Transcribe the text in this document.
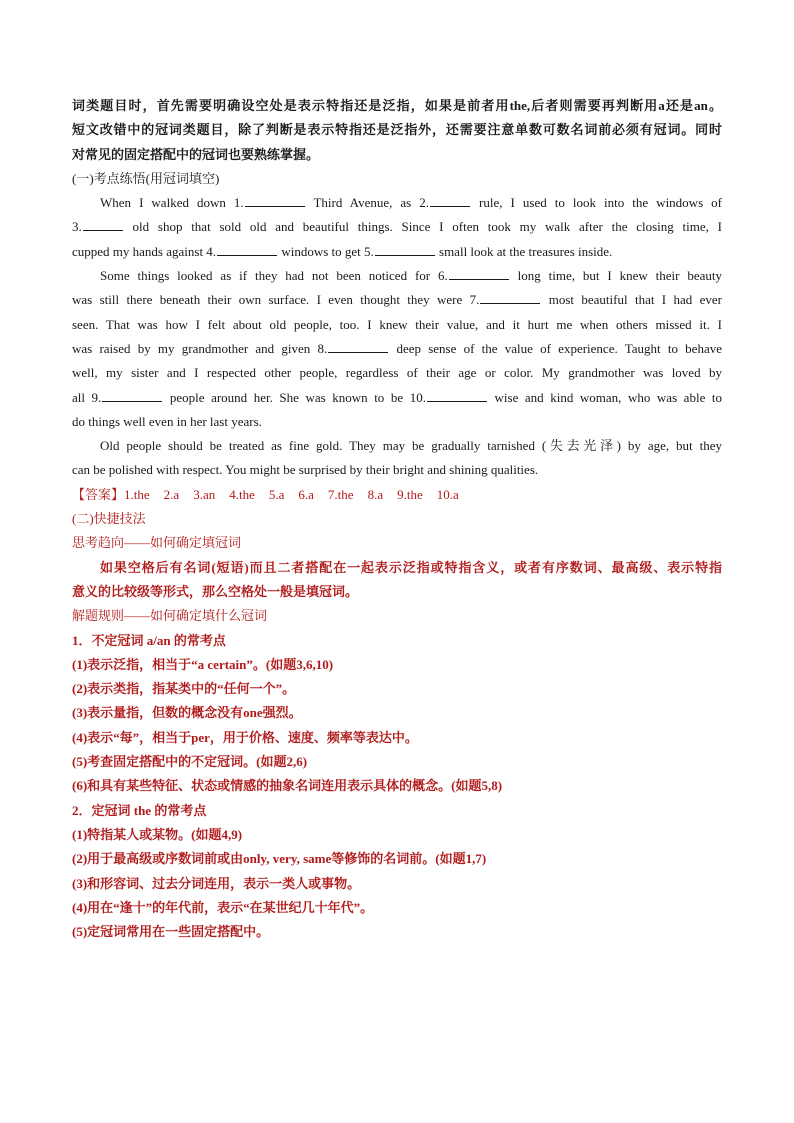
词类题目时，首先需要明确设空处是表示特指还是泛指，如果是前者用the,后者则需要再判断用a还是an。
短文改错中的冠词类题目，除了判断是表示特指还是泛指外，还需要注意单数可数名词前必须有冠词。同时
对常见的固定搭配中的冠词也要熟练掌握。
(一)考点练悟(用冠词填空)
When I walked down 1.	Third Avenue, as 2.	rule, I used to look into the windows of
3.	old shop that sold old and beautiful things. Since I often took my walk after the closing time, I
cupped my hands against 4.	windows to get 5.	small look at the treasures inside.
Some things looked as if they had not been noticed for 6.	long time, but I knew their beauty
was still there beneath their own surface. I even thought they were 7.	most beautiful that I had ever
seen. That was how I felt about old people, too. I knew their value, and it hurt me when others missed it. I
was raised by my grandmother and given 8.	deep sense of the value of experience. Taught to behave
well, my sister and I respected other people, regardless of their age or color. My grandmother was loved by
all 9.	people around her. She was known to be 10.	wise and kind woman, who was able to
do things well even in her last years.
Old people should be treated as fine gold. They may be gradually tarnished (失去光泽) by age, but they
can be polished with respect. You might be surprised by their bright and shining qualities.
【答案】1.the 2.a 3.an 4.the 5.a 6.a 7.the 8.a 9.the 10.a
(二)快捷技法
思考趋向——如何确定填冠词
如果空格后有名词(短语)而且二者搭配在一起表示泛指或特指含义，或者有序数词、最高级、表示特指
意义的比较级等形式，那么空格处一般是填冠词。
解题规则——如何确定填什么冠词
1．不定冠词 a/an 的常考点
(1)表示泛指，相当于“a certain”。(如题3,6,10)
(2)表示类指，指某类中的“任何一个”。
(3)表示量指，但数的概念没有one强烈。
(4)表示“每”，相当于per，用于价格、速度、频率等表达中。
(5)考查固定搭配中的不定冠词。(如题2,6)
(6)和具有某些特征、状态或情感的抽象名词连用表示具体的概念。(如题5,8)
2．定冠词 the 的常考点
(1)特指某人或某物。(如题4,9)
(2)用于最高级或序数词前或由only, very, same等修饰的名词前。(如题1,7)
(3)和形容词、过去分词连用，表示一类人或事物。
(4)用在“逢十”的年代前，表示“在某世纪几十年代”。
(5)定冠词常用在一些固定搭配中。
